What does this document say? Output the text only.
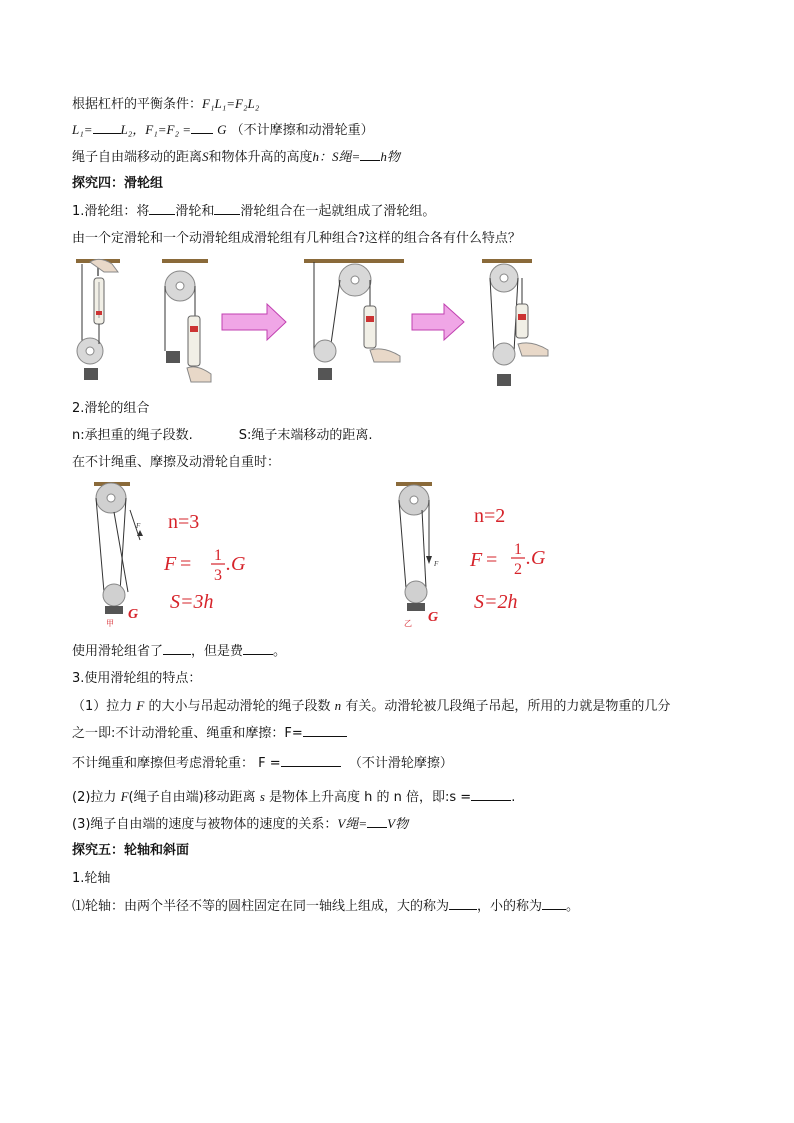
根据杠杆的平衡条件：F₁L₁=F₂L₂
L₁= L₂，F₁=F₂ = G （不计摩擦和动滑轮重）
绳子自由端移动的距离S和物体升高的高度h：S绳= h物
探究四：滑轮组
1.滑轮组：将 滑轮和 滑轮组合在一起就组成了滑轮组。
由一个定滑轮和一个动滑轮组成滑轮组有几种组合?这样的组合各有什么特点？
2.滑轮的组合
n:承担重的绳子段数.	S:绳子末端移动的距离.
在不计绳重、摩擦及动滑轮自重时：
F
G
甲
n=3
F = 1
3
.G
S=3h
F
G
乙
n=2
F = 1
2
.G
S=2h
使用滑轮组省了 ，但是费 。
3.使用滑轮组的特点：
（1）拉力 F 的大小与吊起动滑轮的绳子段数 n 有关。动滑轮被几段绳子吊起，所用的力就是物重的几分
之一即:不计动滑轮重、绳重和摩擦：F=
不计绳重和摩擦但考虑滑轮重： F =	（不计滑轮摩擦）
(2)拉力 F(绳子自由端)移动距离 s 是物体上升高度 h 的 n 倍，即:s =	.
(3)绳子自由端的速度与被物体的速度的关系：V绳= V物
探究五：轮轴和斜面
1.轮轴
⑴轮轴：由两个半径不等的圆柱固定在同一轴线上组成，大的称为 ，小的称为 。
